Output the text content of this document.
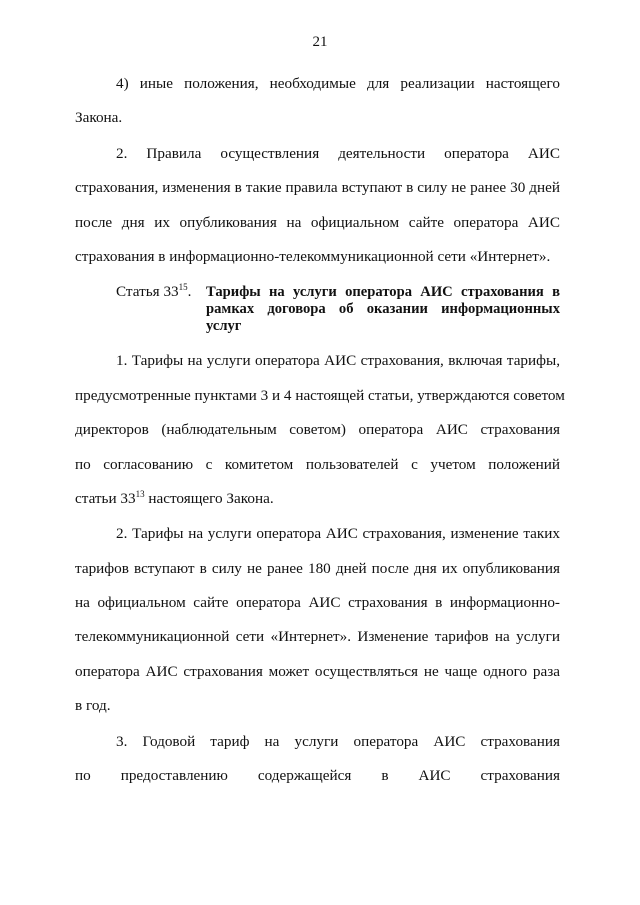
21
4) иные положения, необходимые для реализации настоящего
Закона.
2. Правила осуществления деятельности оператора АИС
страхования, изменения в такие правила вступают в силу не ранее 30 дней
после дня их опубликования на официальном сайте оператора АИС
страхования в информационно-телекоммуникационной сети «Интернет».
Статья $33^{15}$. Тарифы на услуги оператора АИС страхования в
рамках договора об оказании информационных
услуг
1. Тарифы на услуги оператора АИС страхования, включая тарифы,
предусмотренные пунктами 3 и 4 настоящей статьи, утверждаются советом
директоров (наблюдательным советом) оператора АИС страхования
по согласованию с комитетом пользователей с учетом положений
статьи $33^{13}$ настоящего Закона.
2. Тарифы на услуги оператора АИС страхования, изменение таких
тарифов вступают в силу не ранее 180 дней после дня их опубликования
на официальном сайте оператора АИС страхования в информационно-
телекоммуникационной сети «Интернет». Изменение тарифов на услуги
оператора АИС страхования может осуществляться не чаще одного раза
в год.
3. Годовой тариф на услуги оператора АИС страхования
по предоставлению содержащейся в АИС страхования
